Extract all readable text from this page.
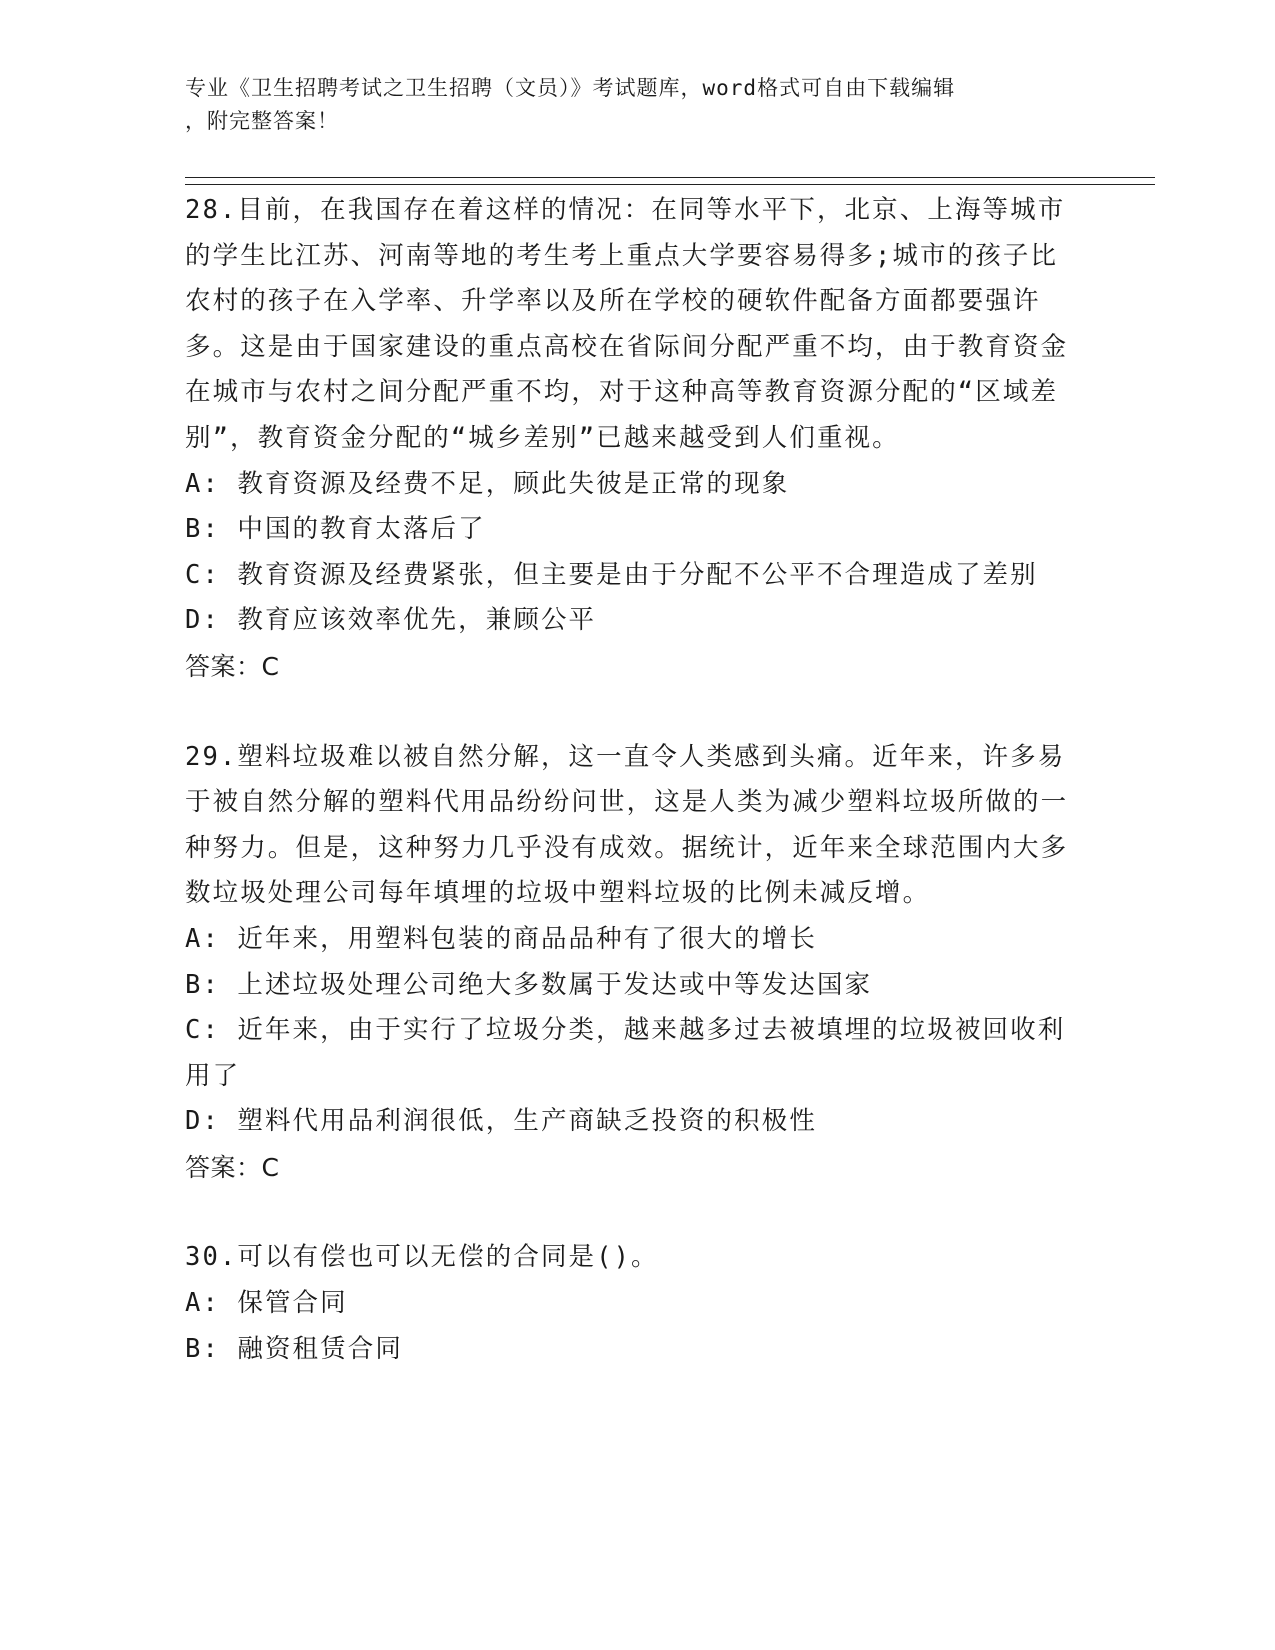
专业《卫生招聘考试之卫生招聘（文员）》考试题库，word格式可自由下载编辑
，附完整答案！

28.目前，在我国存在着这样的情况：在同等水平下，北京、上海等城市的学生比江苏、河南等地的考生考上重点大学要容易得多;城市的孩子比农村的孩子在入学率、升学率以及所在学校的硬软件配备方面都要强许多。这是由于国家建设的重点高校在省际间分配严重不均，由于教育资金在城市与农村之间分配严重不均，对于这种高等教育资源分配的“区域差别”，教育资金分配的“城乡差别”已越来越受到人们重视。

A: 教育资源及经费不足，顾此失彼是正常的现象

B: 中国的教育太落后了

C: 教育资源及经费紧张，但主要是由于分配不公平不合理造成了差别

D: 教育应该效率优先，兼顾公平

答案：C

29.塑料垃圾难以被自然分解，这一直令人类感到头痛。近年来，许多易于被自然分解的塑料代用品纷纷问世，这是人类为减少塑料垃圾所做的一种努力。但是，这种努力几乎没有成效。据统计，近年来全球范围内大多数垃圾处理公司每年填埋的垃圾中塑料垃圾的比例未减反增。

A: 近年来，用塑料包装的商品品种有了很大的增长

B: 上述垃圾处理公司绝大多数属于发达或中等发达国家

C: 近年来，由于实行了垃圾分类，越来越多过去被填埋的垃圾被回收利用了

D: 塑料代用品利润很低，生产商缺乏投资的积极性

答案：C

30.可以有偿也可以无偿的合同是()。

A: 保管合同

B: 融资租赁合同
